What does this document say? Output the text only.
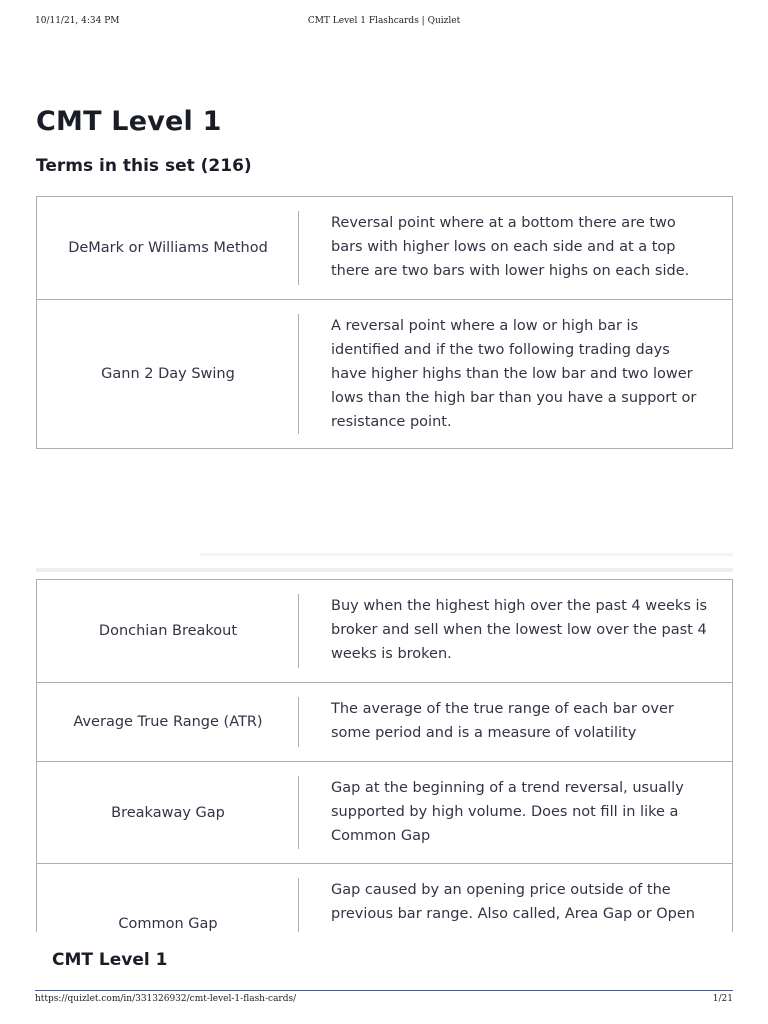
10/11/21, 4:34 PM	CMT Level 1 Flashcards | Quizlet
CMT Level 1
Terms in this set (216)
DeMark or Williams Method
Reversal point where at a bottom there are two bars with higher lows on each side and at a top there are two bars with lower highs on each side.
Gann 2 Day Swing
A reversal point where a low or high bar is identified and if the two following trading days have higher highs than the low bar and two lower lows than the high bar than you have a support or resistance point.
Donchian Breakout
Buy when the highest high over the past 4 weeks is broker and sell when the lowest low over the past 4 weeks is broken.
Average True Range (ATR)
The average of the true range of each bar over some period and is a measure of volatility
Breakaway Gap
Gap at the beginning of a trend reversal, usually supported by high volume. Does not fill in like a Common Gap
Common Gap
Gap caused by an opening price outside of the previous bar range. Also called, Area Gap or Open
CMT Level 1
https://quizlet.com/in/331326932/cmt-level-1-flash-cards/	1/21
